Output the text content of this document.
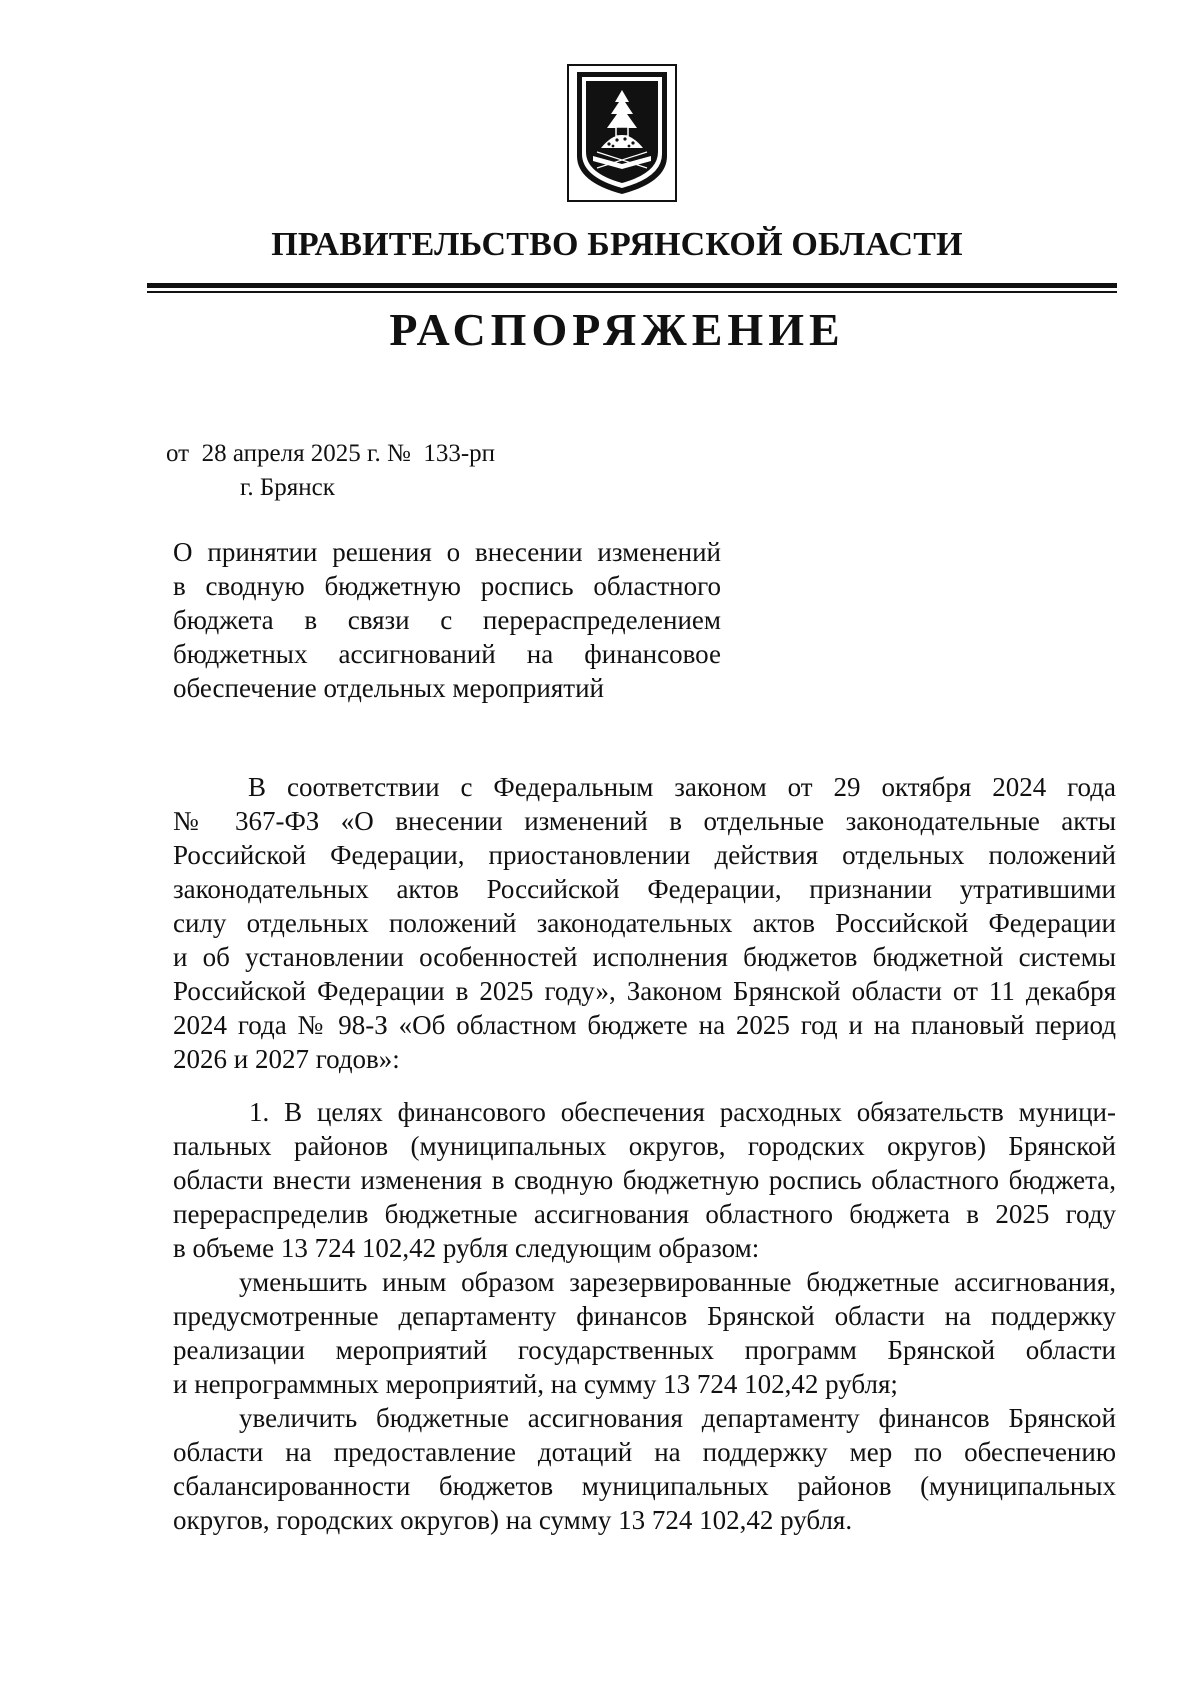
ПРАВИТЕЛЬСТВО БРЯНСКОЙ ОБЛАСТИ
РАСПОРЯЖЕНИЕ
от  28 апреля 2025 г. №  133-рп
г. Брянск
О принятии решения о внесении изменений
в сводную бюджетную роспись областного
бюджета в связи с перераспределением
бюджетных ассигнований на финансовое
обеспечение отдельных мероприятий
В соответствии с Федеральным законом от 29 октября 2024 года
№ 367-ФЗ «О внесении изменений в отдельные законодательные акты
Российской Федерации, приостановлении действия отдельных положений
законодательных актов Российской Федерации, признании утратившими
силу отдельных положений законодательных актов Российской Федерации
и об установлении особенностей исполнения бюджетов бюджетной системы
Российской Федерации в 2025 году», Законом Брянской области от 11 декабря
2024 года № 98-З «Об областном бюджете на 2025 год и на плановый период
2026 и 2027 годов»:
1. В целях финансового обеспечения расходных обязательств муници-
пальных районов (муниципальных округов, городских округов) Брянской
области внести изменения в сводную бюджетную роспись областного бюджета,
перераспределив бюджетные ассигнования областного бюджета в 2025 году
в объеме 13 724 102,42 рубля следующим образом:
уменьшить иным образом зарезервированные бюджетные ассигнования,
предусмотренные департаменту финансов Брянской области на поддержку
реализации мероприятий государственных программ Брянской области
и непрограммных мероприятий, на сумму 13 724 102,42 рубля;
увеличить бюджетные ассигнования департаменту финансов Брянской
области на предоставление дотаций на поддержку мер по обеспечению
сбалансированности бюджетов муниципальных районов (муниципальных
округов, городских округов) на сумму 13 724 102,42 рубля.
